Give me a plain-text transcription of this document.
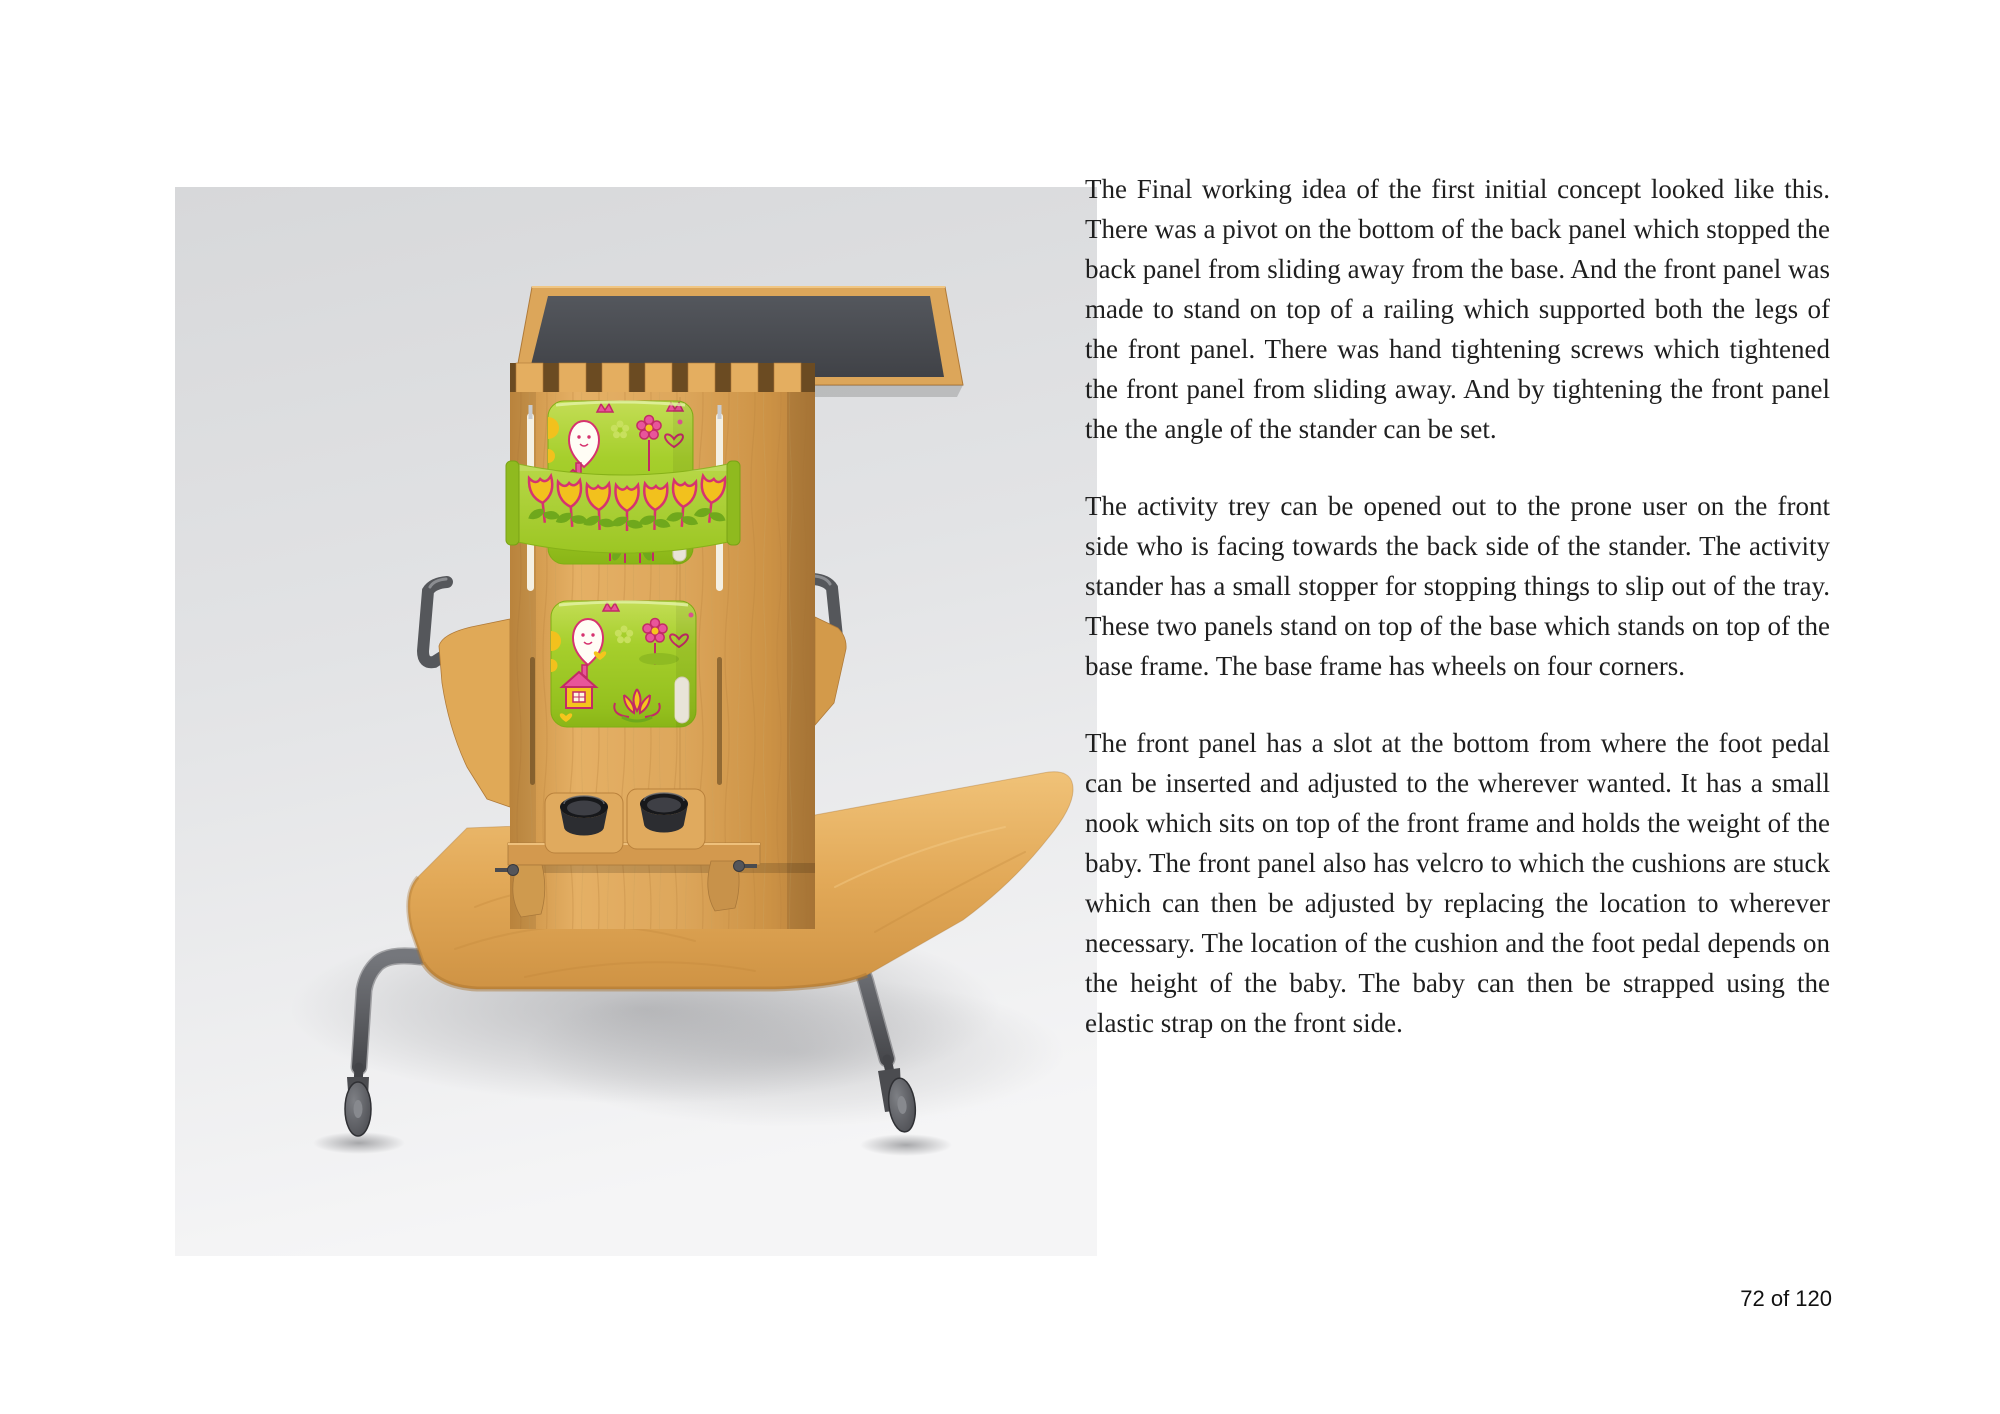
The Final working idea of the first initial concept looked like this. There was a pivot on the bottom of the back panel which stopped the back panel from sliding away from the base. And the front panel was made to stand on top of a railing which supported both the legs of the front panel. There was hand tightening screws which tightened the front panel from sliding away. And by tightening the front panel the the angle of the stander can be set.

The activity trey can be opened out to the prone user on the front side who is facing towards the back side of the stander. The activity stander has a small stopper for stopping things to slip out of the tray. These two panels stand on top of the base which stands on top of the base frame. The base frame has wheels on four corners.

The front panel has a slot at the bottom from where the foot pedal can be inserted and adjusted to the wherever wanted. It has a small nook which sits on top of the front frame and holds the weight of the baby. The front panel also has velcro to which the cushions are stuck which can then be adjusted by replacing the location to wherever necessary. The location of the cushion and the foot pedal depends on the height of the baby. The baby can then be strapped using the elastic strap on the front side.

72 of 120
